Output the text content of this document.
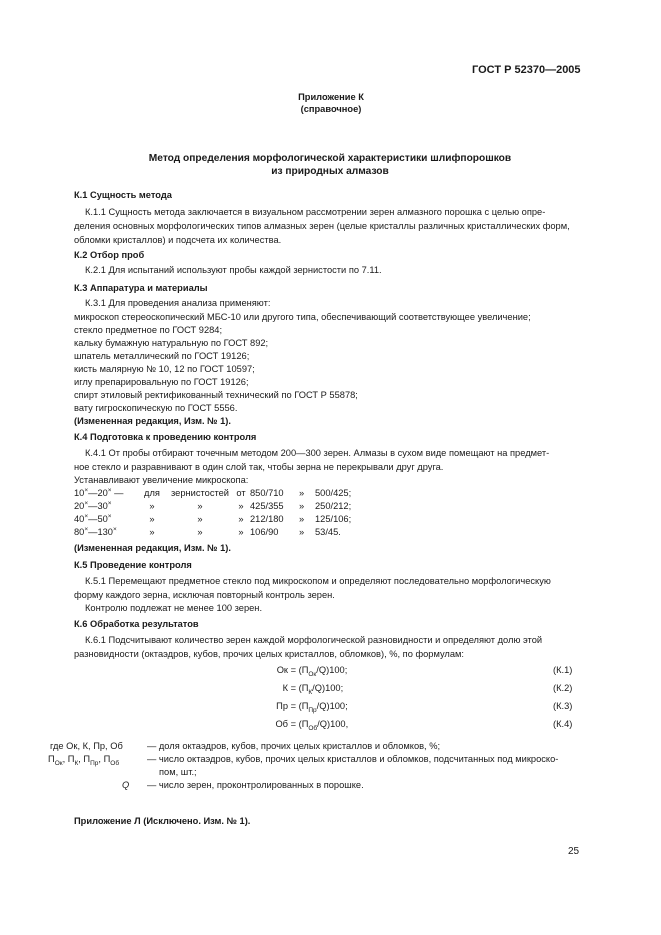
ГОСТ Р 52370—2005
Приложение К
(справочное)
Метод определения морфологической характеристики шлифпорошков
из природных алмазов
К.1 Сущность метода
К.1.1 Сущность метода заключается в визуальном рассмотрении зерен алмазного порошка с целью опре-
деления основных морфологических типов алмазных зерен (целые кристаллы различных кристаллических форм,
обломки кристаллов) и подсчета их количества.
К.2 Отбор проб
К.2.1 Для испытаний используют пробы каждой зернистости по 7.11.
К.3 Аппаратура и материалы
К.3.1 Для проведения анализа применяют:
микроскоп стереоскопический МБС-10 или другого типа, обеспечивающий соответствующее увеличение;
стекло предметное по ГОСТ 9284;
кальку бумажную натуральную по ГОСТ 892;
шпатель металлический по ГОСТ 19126;
кисть малярную № 10, 12 по ГОСТ 10597;
иглу препарировальную по ГОСТ 19126;
спирт этиловый ректификованный технический по ГОСТ Р 55878;
вату гигроскопическую по ГОСТ 5556.
(Измененная редакция, Изм. № 1).
К.4 Подготовка к проведению контроля
К.4.1 От пробы отбирают точечным методом 200—300 зерен. Алмазы в сухом виде помещают на предмет-
ное стекло и разравнивают в один слой так, чтобы зерна не перекрывали друг друга.
Устанавливают увеличение микроскопа:
10×—20× — для	зернистостей от 850/710 » 500/425;
20×—30×	»	»	» 425/355 » 250/212;
40×—50×	»	»	» 212/180 » 125/106;
80×—130×	»	»	» 106/90 » 53/45.
(Измененная редакция, Изм. № 1).
К.5 Проведение контроля
К.5.1 Перемещают предметное стекло под микроскопом и определяют последовательно морфологическую
форму каждого зерна, исключая повторный контроль зерен.
Контролю подлежат не менее 100 зерен.
К.6 Обработка результатов
К.6.1 Подсчитывают количество зерен каждой морфологической разновидности и определяют долю этой
разновидности (октаэдров, кубов, прочих целых кристаллов, обломков), %, по формулам:
Ок = $(П_{Ок}/Q)100$;	(К.1)
$К = (П_К/Q)100$;	(К.2)
Пр = $(П_{Пр}/Q)100$;	(К.3)
Об = $(П_{Об}/Q)100$,	(К.4)
где Ок, К, Пр, Об	— доля октаэдров, кубов, прочих целых кристаллов и обломков, %;
$П_{Ок}$, $П_К$, $П_{Пр}$, $П_{Об}$	— число октаэдров, кубов, прочих целых кристаллов и обломков, подсчитанных под микроско-
пом, шт.;
Q — число зерен, проконтролированных в порошке.
Приложение Л (Исключено. Изм. № 1).
25
